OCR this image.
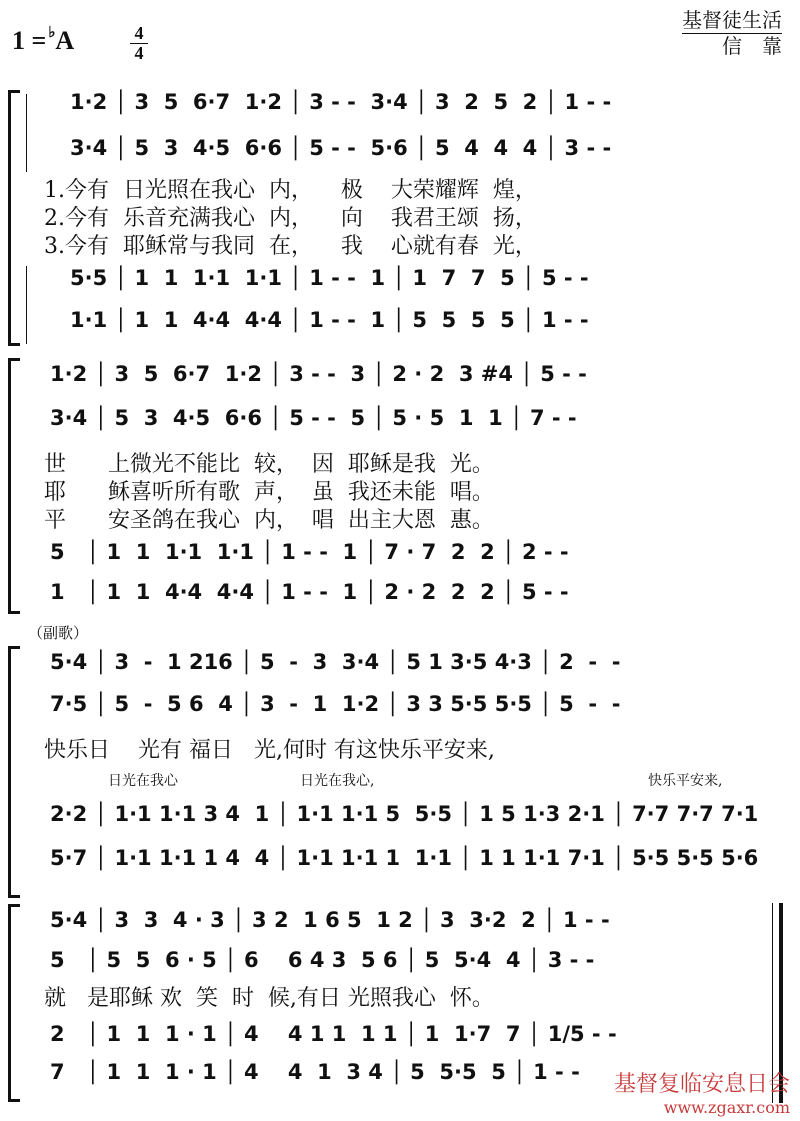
1 = ♭A	4
4
基督徒生活
信　靠
1·2 │ 3  5  6·7  1·2 │ 3 - -  3·4 │ 3  2  5  2 │ 1 - -
3·4 │ 5  3  4·5  6·6 │ 5 - -  5·6 │ 5  4  4  4 │ 3 - -
1.今有  日光照在我心  内，    极    大荣耀辉  煌，
2.今有  乐音充满我心  内，    向    我君王颂  扬，
3.今有  耶稣常与我同  在，    我    心就有春  光，
5·5 │ 1  1  1·1  1·1 │ 1 - -  1 │ 1  7  7  5 │ 5 - -
1·1 │ 1  1  4·4  4·4 │ 1 - -  1 │ 5  5  5  5 │ 1 - -
1·2 │ 3  5  6·7  1·2 │ 3 - -  3 │ 2 · 2  3 #4 │ 5 - -
3·4 │ 5  3  4·5  6·6 │ 5 - -  5 │ 5 · 5  1  1 │ 7 - -
世      上微光不能比  较，  因  耶稣是我  光。
耶      稣喜听所有歌  声，  虽  我还未能  唱。
平      安圣鸽在我心  内，  唱  出主大恩  惠。
5   │ 1  1  1·1  1·1 │ 1 - -  1 │ 7 · 7  2  2 │ 2 - -
1   │ 1  1  4·4  4·4 │ 1 - -  1 │ 2 · 2  2  2 │ 5 - -
（副歌）
5·4 │ 3  -  1 216 │ 5  -  3  3·4 │ 5 1 3·5 4·3 │ 2  -  -
7·5 │ 5  -  5 6  4 │ 3  -  1  1·2 │ 3 3 5·5 5·5 │ 5  -  -
快乐日    光有 福日   光,何时 有这快乐平安来,
日光在我心	日光在我心,	快乐平安来,
2·2 │ 1·1 1·1 3 4  1 │ 1·1 1·1 5  5·5 │ 1 5 1·3 2·1 │ 7·7 7·7 7·1
5·7 │ 1·1 1·1 1 4  4 │ 1·1 1·1 1  1·1 │ 1 1 1·1 7·1 │ 5·5 5·5 5·6
5·4 │ 3  3  4 · 3 │ 3 2  1 6 5  1 2 │ 3  3·2  2 │ 1 - -
5   │ 5  5  6 · 5 │ 6    6 4 3  5 6 │ 5  5·4  4 │ 3 - -
就   是耶稣 欢  笑  时  候,有日 光照我心  怀。
2   │ 1  1  1 · 1 │ 4    4 1 1  1 1 │ 1  1·7  7 │ 1/5 - -
7   │ 1  1  1 · 1 │ 4    4  1  3 4 │ 5  5·5  5 │ 1 - - 基督复临安息日会
www.zgaxr.com
